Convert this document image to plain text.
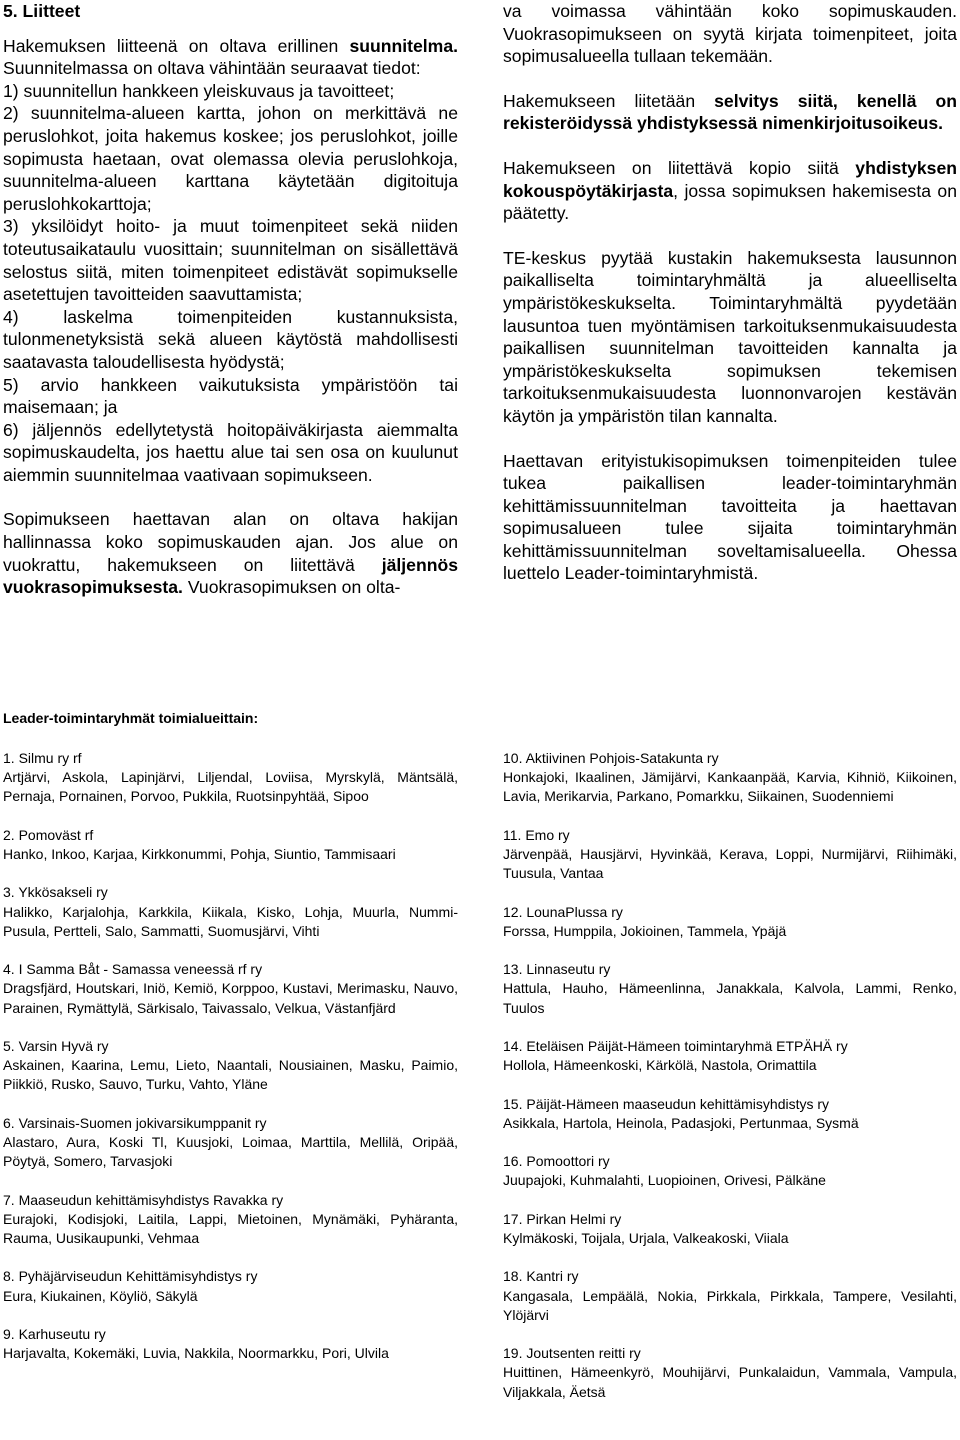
5. Liitteet

Hakemuksen liitteenä on oltava erillinen suunnitelma. Suunnitelmassa on oltava vähintään seuraavat tiedot:

1) suunnitellun hankkeen yleiskuvaus ja tavoitteet;

2) suunnitelma-alueen kartta, johon on merkittävä ne peruslohkot, joita hakemus koskee; jos peruslohkot, joille sopimusta haetaan, ovat olemassa olevia peruslohkoja, suunnitelma-alueen karttana käytetään digitoituja peruslohkokarttoja;

3) yksilöidyt hoito- ja muut toimenpiteet sekä niiden toteutusaikataulu vuosittain; suunnitelman on sisällettävä selostus siitä, miten toimenpiteet edistävät sopimukselle asetettujen tavoitteiden saavuttamista;

4) laskelma toimenpiteiden kustannuksista, tulonmenetyksistä sekä alueen käytöstä mahdollisesti saatavasta taloudellisesta hyödystä;

5) arvio hankkeen vaikutuksista ympäristöön tai maisemaan; ja

6) jäljennös edellytetystä hoitopäiväkirjasta aiemmalta sopimuskaudelta, jos haettu alue tai sen osa on kuulunut aiemmin suunnitelmaa vaativaan sopimukseen.

Sopimukseen haettavan alan on oltava hakijan hallinnassa koko sopimuskauden ajan. Jos alue on vuokrattu, hakemukseen on liitettävä jäljennös vuokrasopimuksesta. Vuokrasopimuksen on olta-

va voimassa vähintään koko sopimuskauden. Vuokrasopimukseen on syytä kirjata toimenpiteet, joita sopimusalueella tullaan tekemään.

Hakemukseen liitetään selvitys siitä, kenellä on rekisteröidyssä yhdistyksessä nimenkirjoitusoikeus.

Hakemukseen on liitettävä kopio siitä yhdistyksen kokouspöytäkirjasta, jossa sopimuksen hakemisesta on päätetty.

TE-keskus pyytää kustakin hakemuksesta lausunnon paikalliselta toimintaryhmältä ja alueelliselta ympäristökeskukselta. Toimintaryhmältä pyydetään lausuntoa tuen myöntämisen tarkoituksenmukaisuudesta paikallisen suunnitelman tavoitteiden kannalta ja ympäristökeskukselta sopimuksen tekemisen tarkoituksenmukaisuudesta luonnonvarojen kestävän käytön ja ympäristön tilan kannalta.

Haettavan erityistukisopimuksen toimenpiteiden tulee tukea paikallisen leader-toimintaryhmän kehittämissuunnitelman tavoitteita ja haettavan sopimusalueen tulee sijaita toimintaryhmän kehittämissuunnitelman soveltamisalueella. Ohessa luettelo Leader-toimintaryhmistä.

Leader-toimintaryhmät toimialueittain:
1. Silmu ry rf
Artjärvi, Askola, Lapinjärvi, Liljendal, Loviisa, Myrskylä, Mäntsälä, Pernaja, Pornainen, Porvoo, Pukkila, Ruotsinpyhtää, Sipoo
2. Pomoväst rf
Hanko, Inkoo, Karjaa, Kirkkonummi, Pohja, Siuntio, Tammisaari
3. Ykkösakseli ry
Halikko, Karjalohja, Karkkila, Kiikala, Kisko, Lohja, Muurla, Nummi-Pusula, Pertteli, Salo, Sammatti, Suomusjärvi, Vihti
4. I Samma Båt - Samassa veneessä rf ry
Dragsfjärd, Houtskari, Iniö, Kemiö, Korppoo, Kustavi, Merimasku, Nauvo, Parainen, Rymättylä, Särkisalo, Taivassalo, Velkua, Västanfjärd
5. Varsin Hyvä ry
Askainen, Kaarina, Lemu, Lieto, Naantali, Nousiainen, Masku, Paimio, Piikkiö, Rusko, Sauvo, Turku, Vahto, Yläne
6. Varsinais-Suomen jokivarsikumppanit ry
Alastaro, Aura, Koski Tl, Kuusjoki, Loimaa, Marttila, Mellilä, Oripää, Pöytyä, Somero, Tarvasjoki
7. Maaseudun kehittämisyhdistys Ravakka ry
Eurajoki, Kodisjoki, Laitila, Lappi, Mietoinen, Mynämäki, Pyhäranta, Rauma, Uusikaupunki, Vehmaa
8. Pyhäjärviseudun Kehittämisyhdistys ry
Eura, Kiukainen, Köyliö, Säkylä
9. Karhuseutu ry
Harjavalta, Kokemäki, Luvia, Nakkila, Noormarkku, Pori, Ulvila
10. Aktiivinen Pohjois-Satakunta ry
Honkajoki, Ikaalinen, Jämijärvi, Kankaanpää, Karvia, Kihniö, Kiikoinen, Lavia, Merikarvia, Parkano, Pomarkku, Siikainen, Suodenniemi
11. Emo ry
Järvenpää, Hausjärvi, Hyvinkää, Kerava, Loppi, Nurmijärvi, Riihimäki, Tuusula, Vantaa
12. LounaPlussa ry
Forssa, Humppila, Jokioinen, Tammela, Ypäjä
13. Linnaseutu ry
Hattula, Hauho, Hämeenlinna, Janakkala, Kalvola, Lammi, Renko, Tuulos
14. Eteläisen Päijät-Hämeen toimintaryhmä ETPÄHÄ ry
Hollola, Hämeenkoski, Kärkölä, Nastola, Orimattila
15. Päijät-Hämeen maaseudun kehittämisyhdistys ry
Asikkala, Hartola, Heinola, Padasjoki, Pertunmaa, Sysmä
16. Pomoottori ry
Juupajoki, Kuhmalahti, Luopioinen, Orivesi, Pälkäne
17. Pirkan Helmi ry
Kylmäkoski, Toijala, Urjala, Valkeakoski, Viiala
18. Kantri ry
Kangasala, Lempäälä, Nokia, Pirkkala, Pirkkala, Tampere, Vesilahti, Ylöjärvi
19. Joutsenten reitti ry
Huittinen, Hämeenkyrö, Mouhijärvi, Punkalaidun, Vammala, Vampula, Viljakkala, Äetsä
